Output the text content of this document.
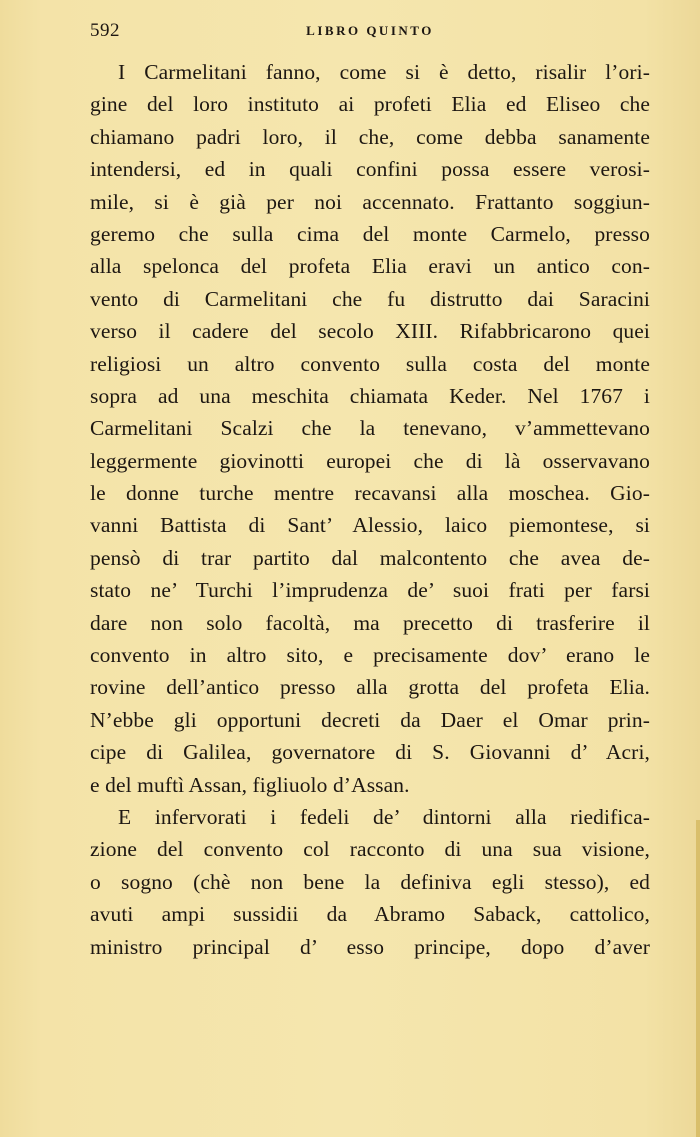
592	LIBRO QUINTO
I Carmelitani fanno, come si è detto, risalir l’ori-
gine del loro instituto ai profeti Elia ed Eliseo che
chiamano padri loro, il che, come debba sanamente
intendersi, ed in quali confini possa essere verosi-
mile, si è già per noi accennato. Frattanto soggiun-
geremo che sulla cima del monte Carmelo, presso
alla spelonca del profeta Elia eravi un antico con-
vento di Carmelitani che fu distrutto dai Saracini
verso il cadere del secolo XIII. Rifabbricarono quei
religiosi un altro convento sulla costa del monte
sopra ad una meschita chiamata Keder. Nel 1767 i
Carmelitani Scalzi che la tenevano, v’ammettevano
leggermente giovinotti europei che di là osservavano
le donne turche mentre recavansi alla moschea. Gio-
vanni Battista di Sant’ Alessio, laico piemontese, si
pensò di trar partito dal malcontento che avea de-
stato ne’ Turchi l’imprudenza de’ suoi frati per farsi
dare non solo facoltà, ma precetto di trasferire il
convento in altro sito, e precisamente dov’ erano le
rovine dell’antico presso alla grotta del profeta Elia.
N’ebbe gli opportuni decreti da Daer el Omar prin-
cipe di Galilea, governatore di S. Giovanni d’ Acri,
e del muftì Assan, figliuolo d’Assan.
E infervorati i fedeli de’ dintorni alla riedifica-
zione del convento col racconto di una sua visione,
o sogno (chè non bene la definiva egli stesso), ed
avuti ampi sussidii da Abramo Saback, cattolico,
ministro principal d’ esso principe, dopo d’aver
